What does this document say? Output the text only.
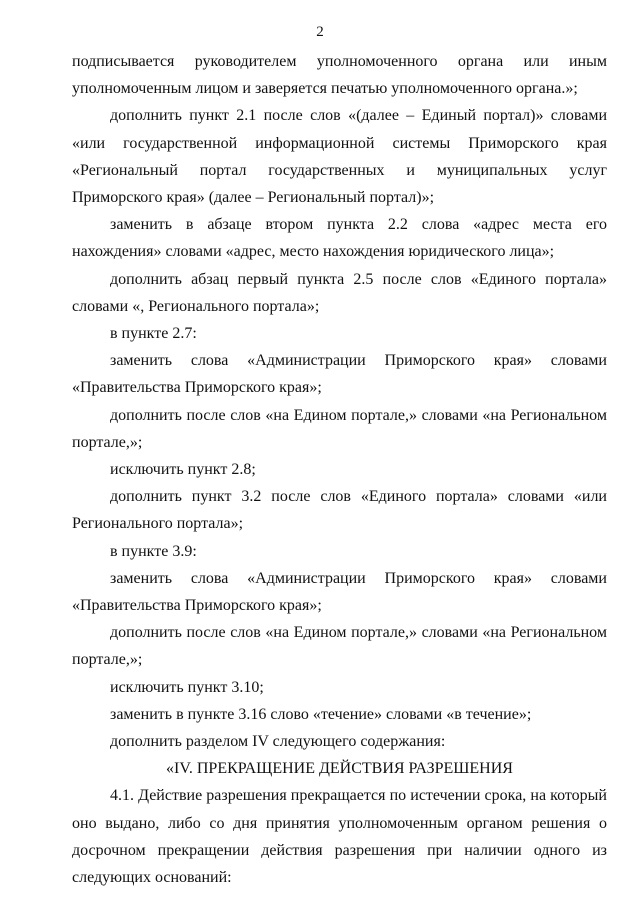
2

подписывается руководителем уполномоченного органа или иным уполномоченным лицом и заверяется печатью уполномоченного органа.»;

дополнить пункт 2.1 после слов «(далее – Единый портал)» словами «или государственной информационной системы Приморского края «Региональный портал государственных и муниципальных услуг Приморского края» (далее – Региональный портал)»;

заменить в абзаце втором пункта 2.2 слова «адрес места его нахождения» словами «адрес, место нахождения юридического лица»;

дополнить абзац первый пункта 2.5 после слов «Единого портала» словами «, Регионального портала»;

в пункте 2.7:

заменить слова «Администрации Приморского края» словами «Правительства Приморского края»;

дополнить после слов «на Едином портале,» словами «на Региональном портале,»;

исключить пункт 2.8;

дополнить пункт 3.2 после слов «Единого портала» словами «или Регионального портала»;

в пункте 3.9:

заменить слова «Администрации Приморского края» словами «Правительства Приморского края»;

дополнить после слов «на Едином портале,» словами «на Региональном портале,»;

исключить пункт 3.10;

заменить в пункте 3.16 слово «течение» словами «в течение»;

дополнить разделом IV следующего содержания:

«IV. ПРЕКРАЩЕНИЕ ДЕЙСТВИЯ РАЗРЕШЕНИЯ

4.1. Действие разрешения прекращается по истечении срока, на который оно выдано, либо со дня принятия уполномоченным органом решения о досрочном прекращении действия разрешения при наличии одного из следующих оснований:
